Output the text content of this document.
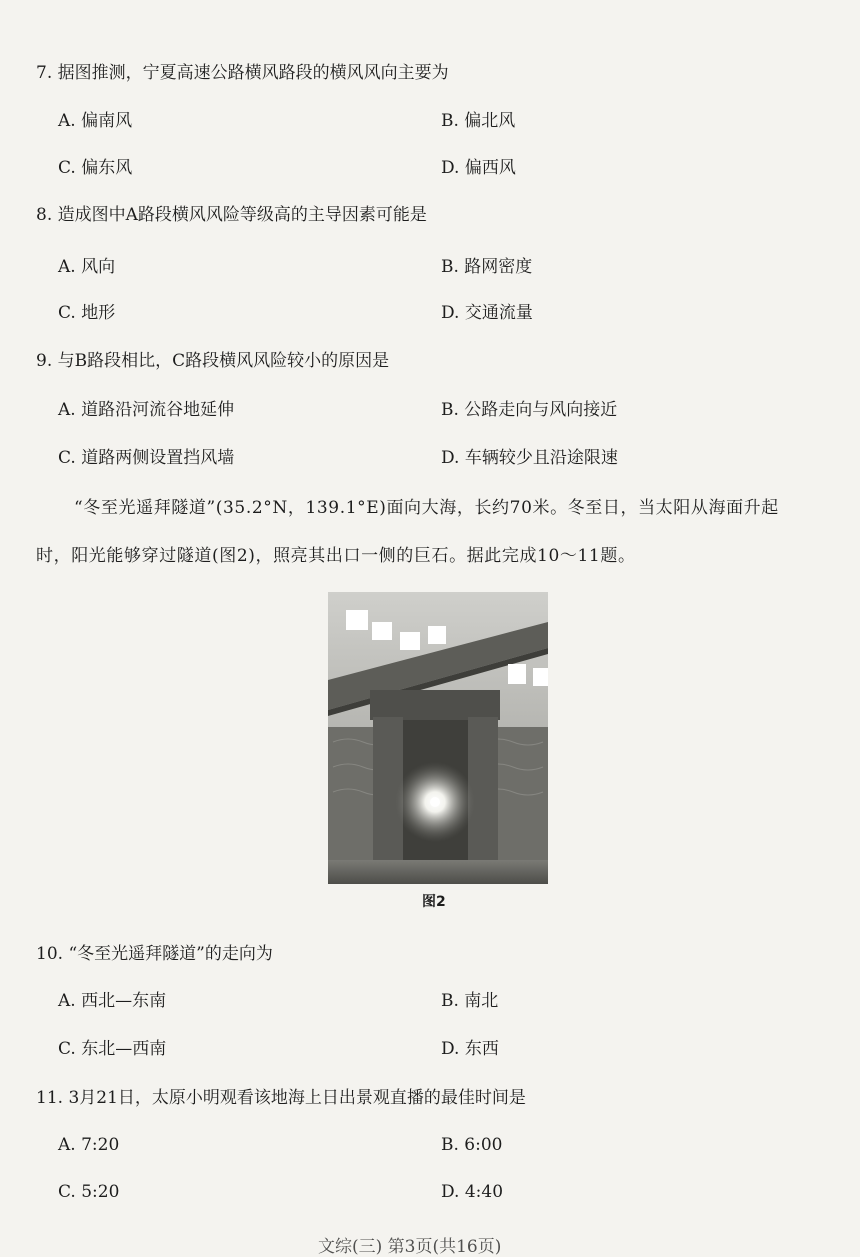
7. 据图推测，宁夏高速公路横风路段的横风风向主要为
A. 偏南风	B. 偏北风
C. 偏东风	D. 偏西风
8. 造成图中A路段横风风险等级高的主导因素可能是
A. 风向	B. 路网密度
C. 地形	D. 交通流量
9. 与B路段相比，C路段横风风险较小的原因是
A. 道路沿河流谷地延伸	B. 公路走向与风向接近
C. 道路两侧设置挡风墙	D. 车辆较少且沿途限速
“冬至光遥拜隧道”(35.2°N，139.1°E)面向大海，长约70米。冬至日，当太阳从海面升起
时，阳光能够穿过隧道(图2)，照亮其出口一侧的巨石。据此完成10～11题。
图2
10. “冬至光遥拜隧道”的走向为
A. 西北—东南	B. 南北
C. 东北—西南	D. 东西
11. 3月21日，太原小明观看该地海上日出景观直播的最佳时间是
A. 7:20	B. 6:00
C. 5:20	D. 4:40
文综(三) 第3页(共16页)
